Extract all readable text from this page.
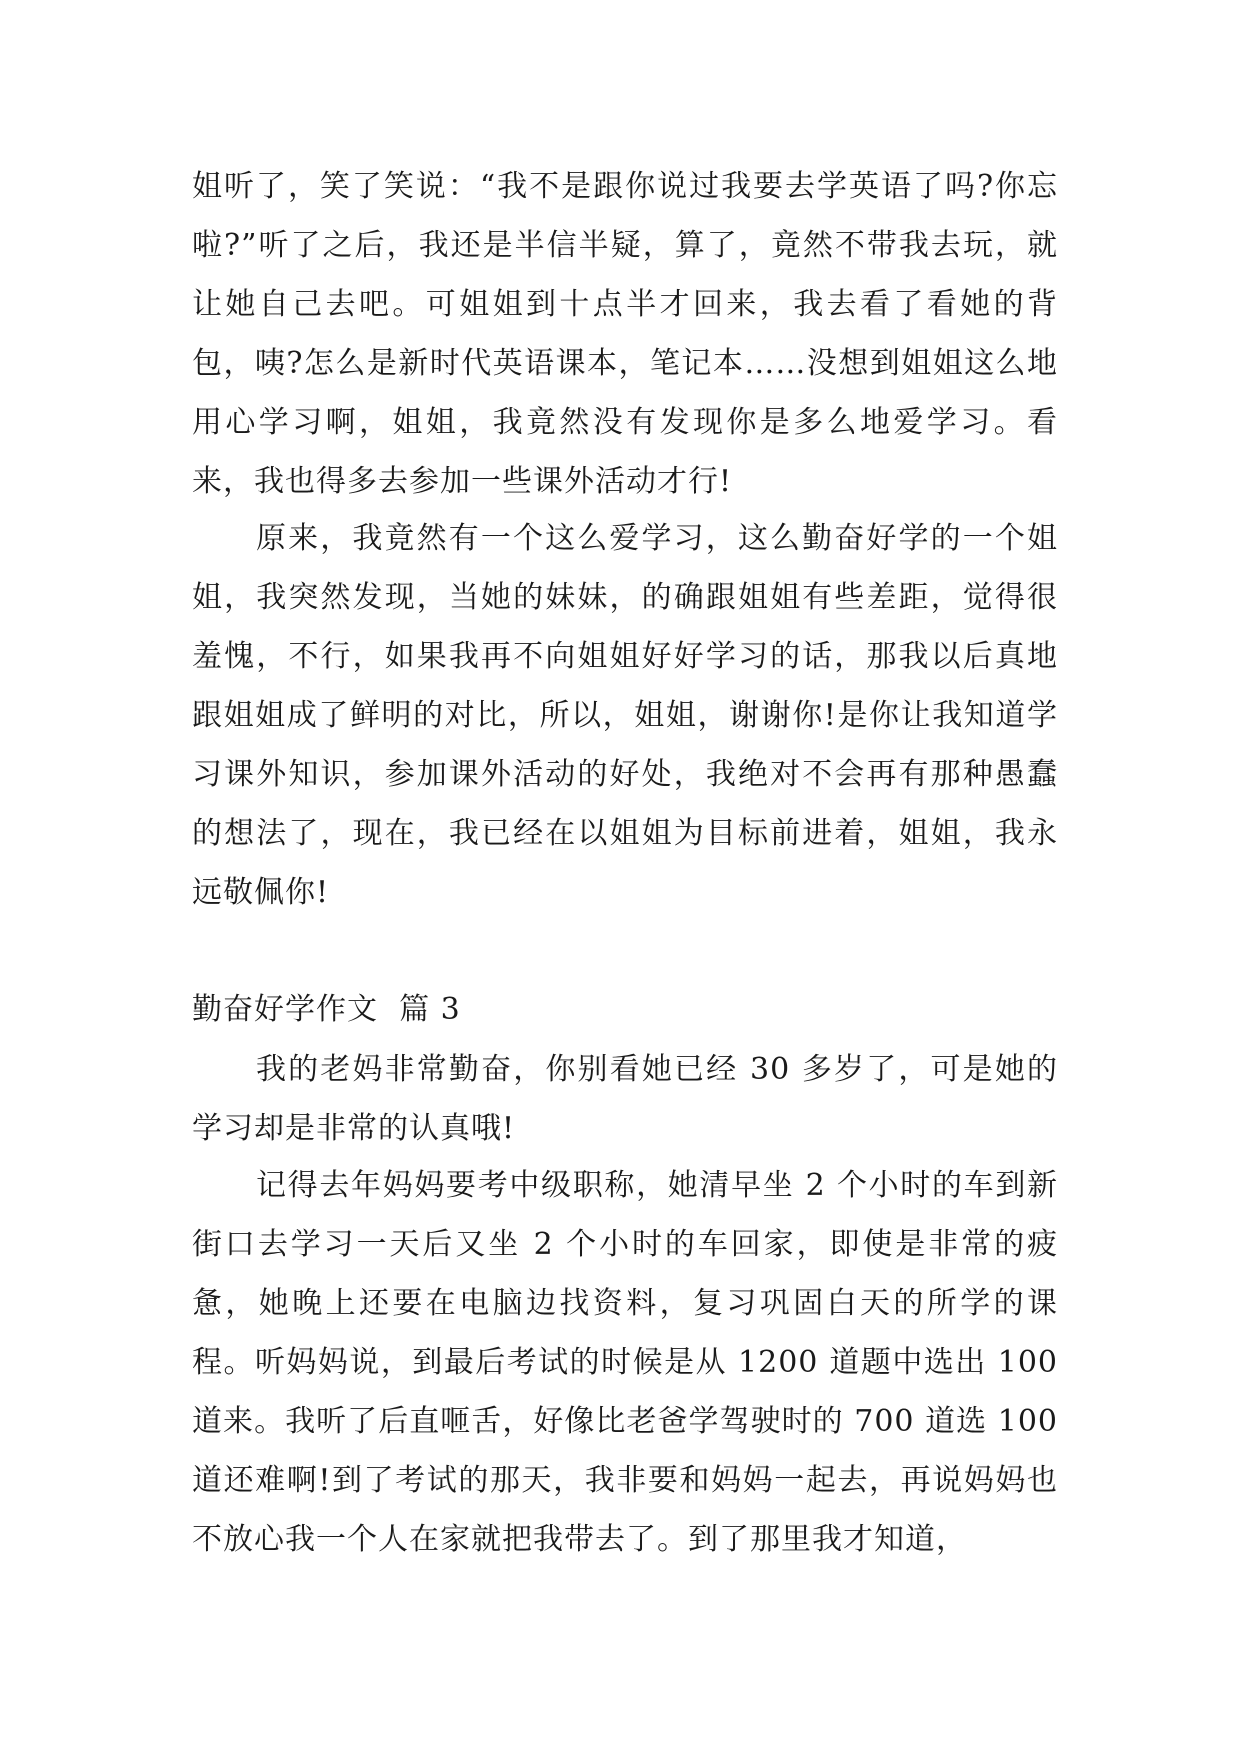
姐听了，笑了笑说：“我不是跟你说过我要去学英语了吗?你忘啦?”听了之后，我还是半信半疑，算了，竟然不带我去玩，就让她自己去吧。可姐姐到十点半才回来，我去看了看她的背包，咦?怎么是新时代英语课本，笔记本……没想到姐姐这么地用心学习啊，姐姐，我竟然没有发现你是多么地爱学习。看来，我也得多去参加一些课外活动才行!

原来，我竟然有一个这么爱学习，这么勤奋好学的一个姐姐，我突然发现，当她的妹妹，的确跟姐姐有些差距，觉得很羞愧，不行，如果我再不向姐姐好好学习的话，那我以后真地跟姐姐成了鲜明的对比，所以，姐姐，谢谢你!是你让我知道学习课外知识，参加课外活动的好处，我绝对不会再有那种愚蠢的想法了，现在，我已经在以姐姐为目标前进着，姐姐，我永远敬佩你!

勤奋好学作文  篇 3

我的老妈非常勤奋，你别看她已经 30 多岁了，可是她的学习却是非常的认真哦!

记得去年妈妈要考中级职称，她清早坐 2 个小时的车到新街口去学习一天后又坐 2 个小时的车回家，即使是非常的疲惫，她晚上还要在电脑边找资料，复习巩固白天的所学的课程。听妈妈说，到最后考试的时候是从 1200 道题中选出 100 道来。我听了后直咂舌，好像比老爸学驾驶时的 700 道选 100 道还难啊!到了考试的那天，我非要和妈妈一起去，再说妈妈也不放心我一个人在家就把我带去了。到了那里我才知道，
